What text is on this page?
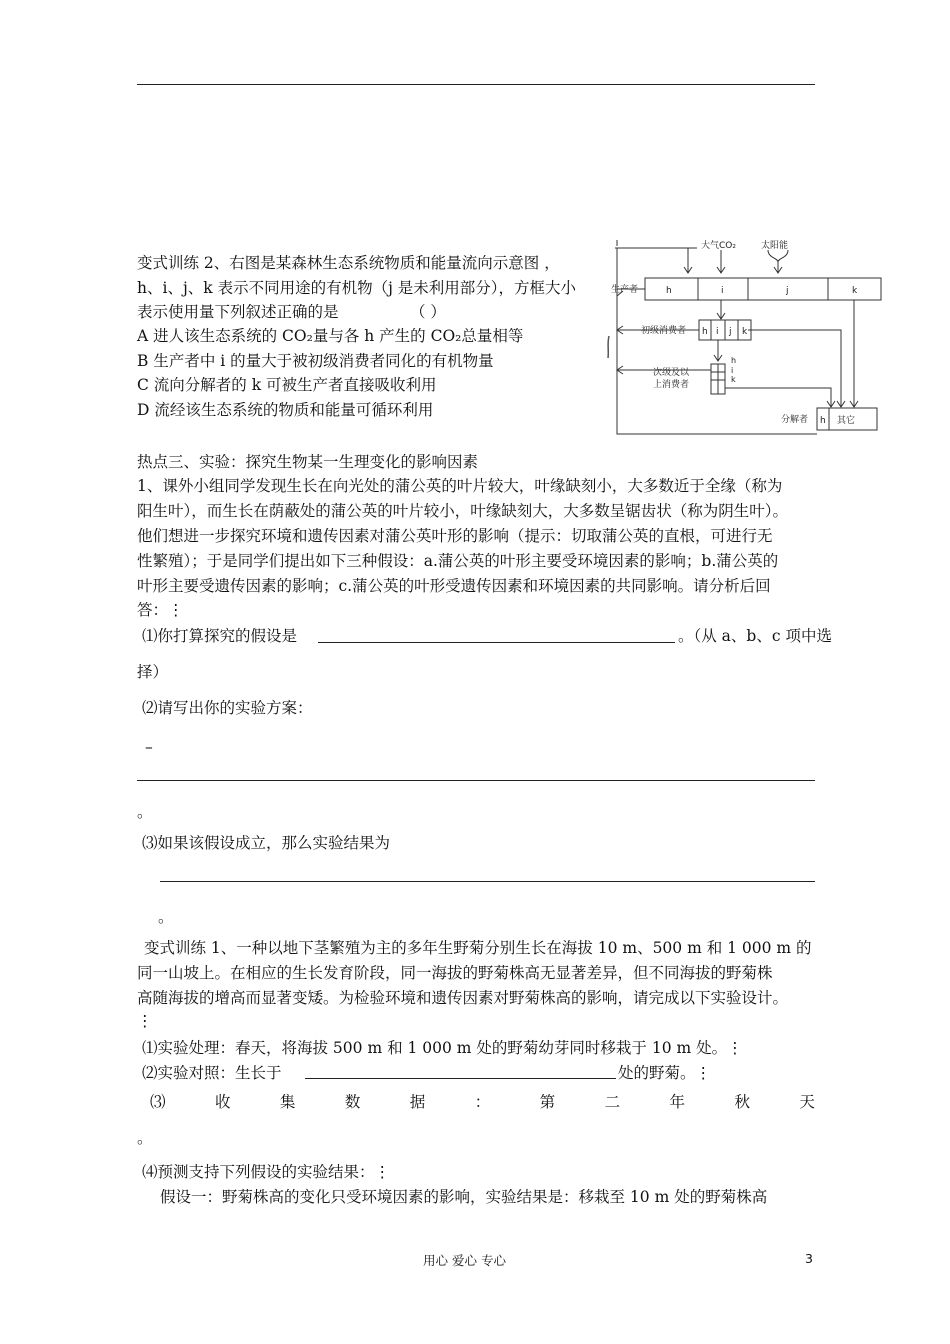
变式训练 2、右图是某森林生态系统物质和能量流向示意图 ，
h、i、j、k 表示不同用途的有机物（j 是未利用部分），方框大小
表示使用量下列叙述正确的是	（ ）
A 进人该生态系统的 CO₂量与各 h 产生的 CO₂总量相等
B 生产者中 i 的量大于被初级消费者同化的有机物量
C 流向分解者的 k 可被生产者直接吸收利用
D 流经该生态系统的物质和能量可循环利用
大气CO₂	太阳能
生产者	h	i	j	k
初级消费者 h i j k
次级及以
上消费者
h
i
k
分解者 h 其它
热点三、实验：探究生物某一生理变化的影响因素
1、课外小组同学发现生长在向光处的蒲公英的叶片较大，叶缘缺刻小，大多数近于全缘（称为
阳生叶），而生长在荫蔽处的蒲公英的叶片较小，叶缘缺刻大，大多数呈锯齿状（称为阴生叶）。
他们想进一步探究环境和遗传因素对蒲公英叶形的影响（提示：切取蒲公英的直根，可进行无
性繁殖）；于是同学们提出如下三种假设：a.蒲公英的叶形主要受环境因素的影响；b.蒲公英的
叶形主要受遗传因素的影响；c.蒲公英的叶形受遗传因素和环境因素的共同影响。请分析后回
答：⋮
⑴你打算探究的假设是	。（从 a、b、c 项中选
择）
⑵请写出你的实验方案：
–
。
⑶如果该假设成立，那么实验结果为
。
变式训练 1、一种以地下茎繁殖为主的多年生野菊分别生长在海拔 10 m、500 m 和 1 000 m 的
同一山坡上。在相应的生长发育阶段，同一海拔的野菊株高无显著差异，但不同海拔的野菊株
高随海拔的增高而显著变矮。为检验环境和遗传因素对野菊株高的影响，请完成以下实验设计。
⋮
⑴实验处理：春天，将海拔 500 m 和 1 000 m 处的野菊幼芽同时移栽于 10 m 处。⋮
⑵实验对照：生长于	处的野菊。⋮
⑶	收	集	数	据	：	第	二	年	秋	天
。
⑷预测支持下列假设的实验结果：⋮
假设一：野菊株高的变化只受环境因素的影响，实验结果是：移栽至 10 m 处的野菊株高
用心 爱心 专心	3
